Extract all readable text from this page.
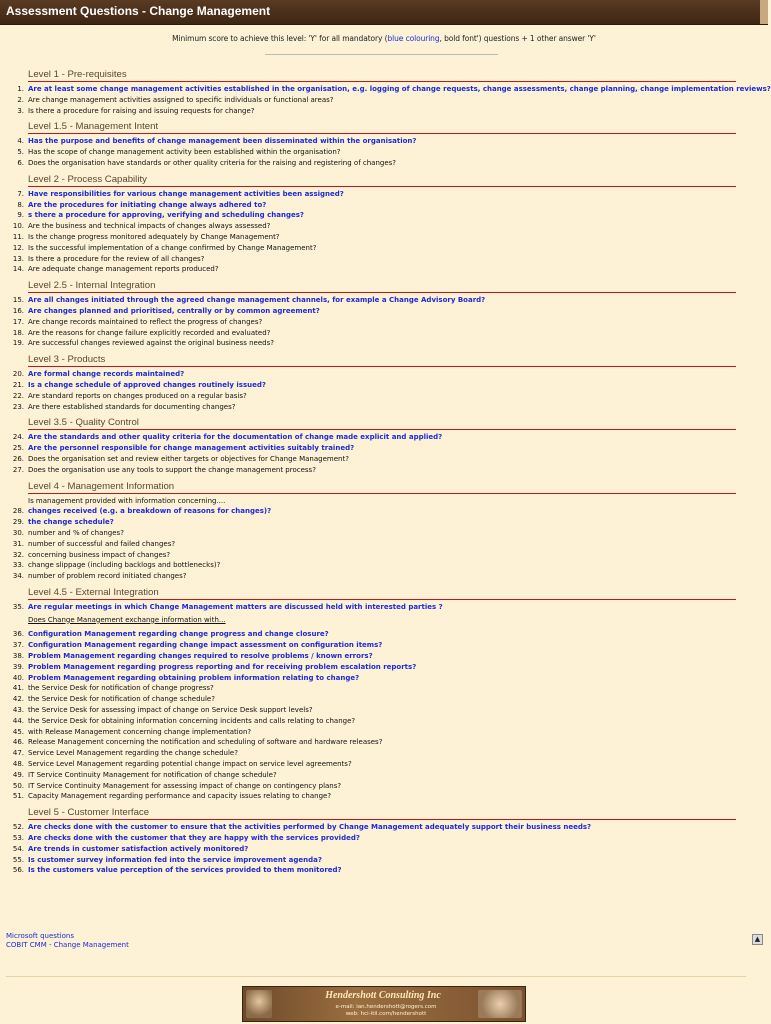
Assessment Questions - Change Management
Minimum score to achieve this level: 'Y' for all mandatory (blue colouring, bold font') questions + 1 other answer 'Y'
Level 1 - Pre-requisites
1. Are at least some change management activities established in the organisation, e.g. logging of change requests, change assessments, change planning, change implementation reviews?
2. Are change management activities assigned to specific individuals or functional areas?
3. Is there a procedure for raising and issuing requests for change?
Level 1.5 - Management Intent
4. Has the purpose and benefits of change management been disseminated within the organisation?
5. Has the scope of change management activity been established within the organisation?
6. Does the organisation have standards or other quality criteria for the raising and registering of changes?
Level 2 - Process Capability
7. Have responsibilities for various change management activities been assigned?
8. Are the procedures for initiating change always adhered to?
9. s there a procedure for approving, verifying and scheduling changes?
10. Are the business and technical impacts of changes always assessed?
11. Is the change progress monitored adequately by Change Management?
12. Is the successful implementation of a change confirmed by Change Management?
13. Is there a procedure for the review of all changes?
14. Are adequate change management reports produced?
Level 2.5 - Internal Integration
15. Are all changes initiated through the agreed change management channels, for example a Change Advisory Board?
16. Are changes planned and prioritised, centrally or by common agreement?
17. Are change records maintained to reflect the progress of changes?
18. Are the reasons for change failure explicitly recorded and evaluated?
19. Are successful changes reviewed against the original business needs?
Level 3 - Products
20. Are formal change records maintained?
21. Is a change schedule of approved changes routinely issued?
22. Are standard reports on changes produced on a regular basis?
23. Are there established standards for documenting changes?
Level 3.5 - Quality Control
24. Are the standards and other quality criteria for the documentation of change made explicit and applied?
25. Are the personnel responsible for change management activities suitably trained?
26. Does the organisation set and review either targets or objectives for Change Management?
27. Does the organisation use any tools to support the change management process?
Level 4 - Management Information
Is management provided with information concerning....
28. changes received (e.g. a breakdown of reasons for changes)?
29. the change schedule?
30. number and % of changes?
31. number of successful and failed changes?
32. concerning business impact of changes?
33. change slippage (including backlogs and bottlenecks)?
34. number of problem record initiated changes?
Level 4.5 - External Integration
35. Are regular meetings in which Change Management matters are discussed held with interested parties ?
Does Change Management exchange information with...
36. Configuration Management regarding change progress and change closure?
37. Configuration Management regarding change impact assessment on configuration items?
38. Problem Management regarding changes required to resolve problems / known errors?
39. Problem Management regarding progress reporting and for receiving problem escalation reports?
40. Problem Management regarding obtaining problem information relating to change?
41. the Service Desk for notification of change progress?
42. the Service Desk for notification of change schedule?
43. the Service Desk for assessing impact of change on Service Desk support levels?
44. the Service Desk for obtaining information concerning incidents and calls relating to change?
45. with Release Management concerning change implementation?
46. Release Management concerning the notification and scheduling of software and hardware releases?
47. Service Level Management regarding the change schedule?
48. Service Level Management regarding potential change impact on service level agreements?
49. IT Service Continuity Management for notification of change schedule?
50. IT Service Continuity Management for assessing impact of change on contingency plans?
51. Capacity Management regarding performance and capacity issues relating to change?
Level 5 - Customer Interface
52. Are checks done with the customer to ensure that the activities performed by Change Management adequately support their business needs?
53. Are checks done with the customer that they are happy with the services provided?
54. Are trends in customer satisfaction actively monitored?
55. Is customer survey information fed into the service improvement agenda?
56. Is the customers value perception of the services provided to them monitored?
Microsoft questions
COBIT CMM - Change Management
▲
Hendershott Consulting Inc
e-mail: ian.hendershott@rogers.com
web: hci-itil.com/hendershott
